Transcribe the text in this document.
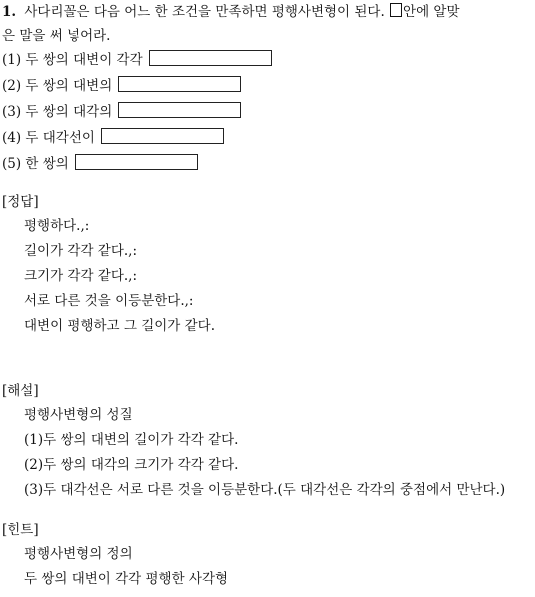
1. 사다리꼴은 다음 어느 한 조건을 만족하면 평행사변형이 된다. 안에 알맞
은 말을 써 넣어라.
(1) 두 쌍의 대변이 각각
(2) 두 쌍의 대변의
(3) 두 쌍의 대각의
(4) 두 대각선이
(5) 한 쌍의
[정답]
평행하다.,:
길이가 각각 같다.,:
크기가 각각 같다.,:
서로 다른 것을 이등분한다.,:
대변이 평행하고 그 길이가 같다.
[해설]
평행사변형의 성질
(1)두 쌍의 대변의 길이가 각각 같다.
(2)두 쌍의 대각의 크기가 각각 같다.
(3)두 대각선은 서로 다른 것을 이등분한다.(두 대각선은 각각의 중점에서 만난다.)
[힌트]
평행사변형의 정의
두 쌍의 대변이 각각 평행한 사각형
